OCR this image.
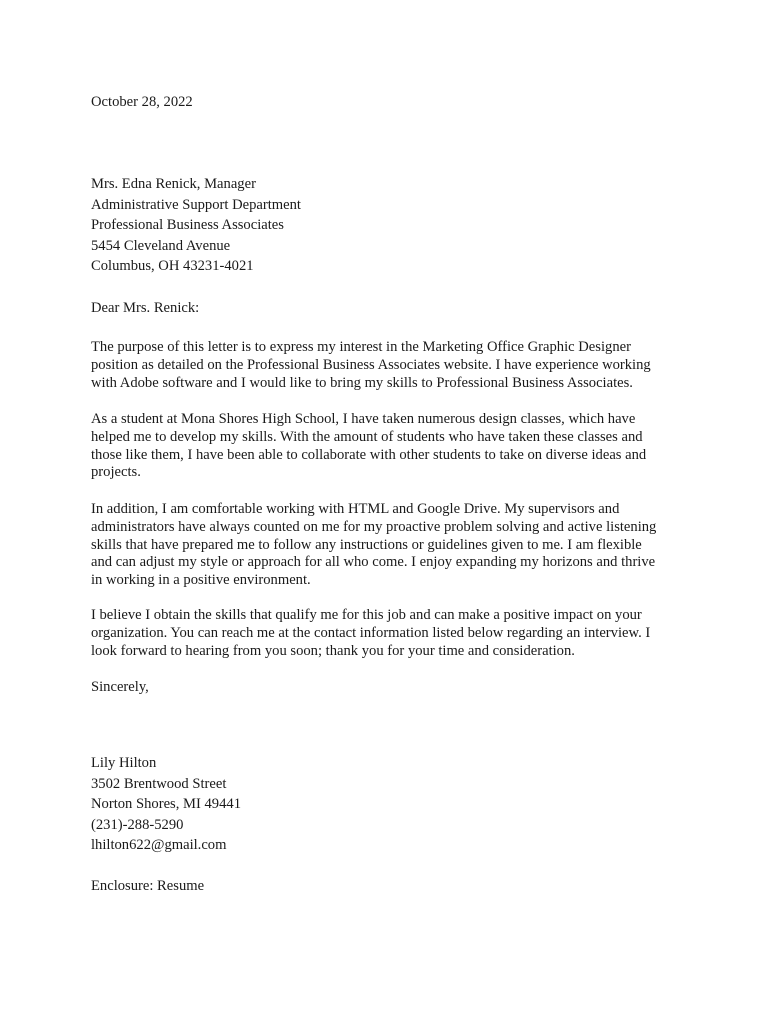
October 28, 2022
Mrs. Edna Renick, Manager
Administrative Support Department
Professional Business Associates
5454 Cleveland Avenue
Columbus, OH 43231-4021
Dear Mrs. Renick:
The purpose of this letter is to express my interest in the Marketing Office Graphic Designer
position as detailed on the Professional Business Associates website. I have experience working
with Adobe software and I would like to bring my skills to Professional Business Associates.
As a student at Mona Shores High School, I have taken numerous design classes, which have
helped me to develop my skills. With the amount of students who have taken these classes and
those like them, I have been able to collaborate with other students to take on diverse ideas and
projects.
In addition, I am comfortable working with HTML and Google Drive. My supervisors and
administrators have always counted on me for my proactive problem solving and active listening
skills that have prepared me to follow any instructions or guidelines given to me. I am flexible
and can adjust my style or approach for all who come. I enjoy expanding my horizons and thrive
in working in a positive environment.
I believe I obtain the skills that qualify me for this job and can make a positive impact on your
organization. You can reach me at the contact information listed below regarding an interview. I
look forward to hearing from you soon; thank you for your time and consideration.
Sincerely,
Lily Hilton
3502 Brentwood Street
Norton Shores, MI 49441
(231)-288-5290
lhilton622@gmail.com
Enclosure: Resume
